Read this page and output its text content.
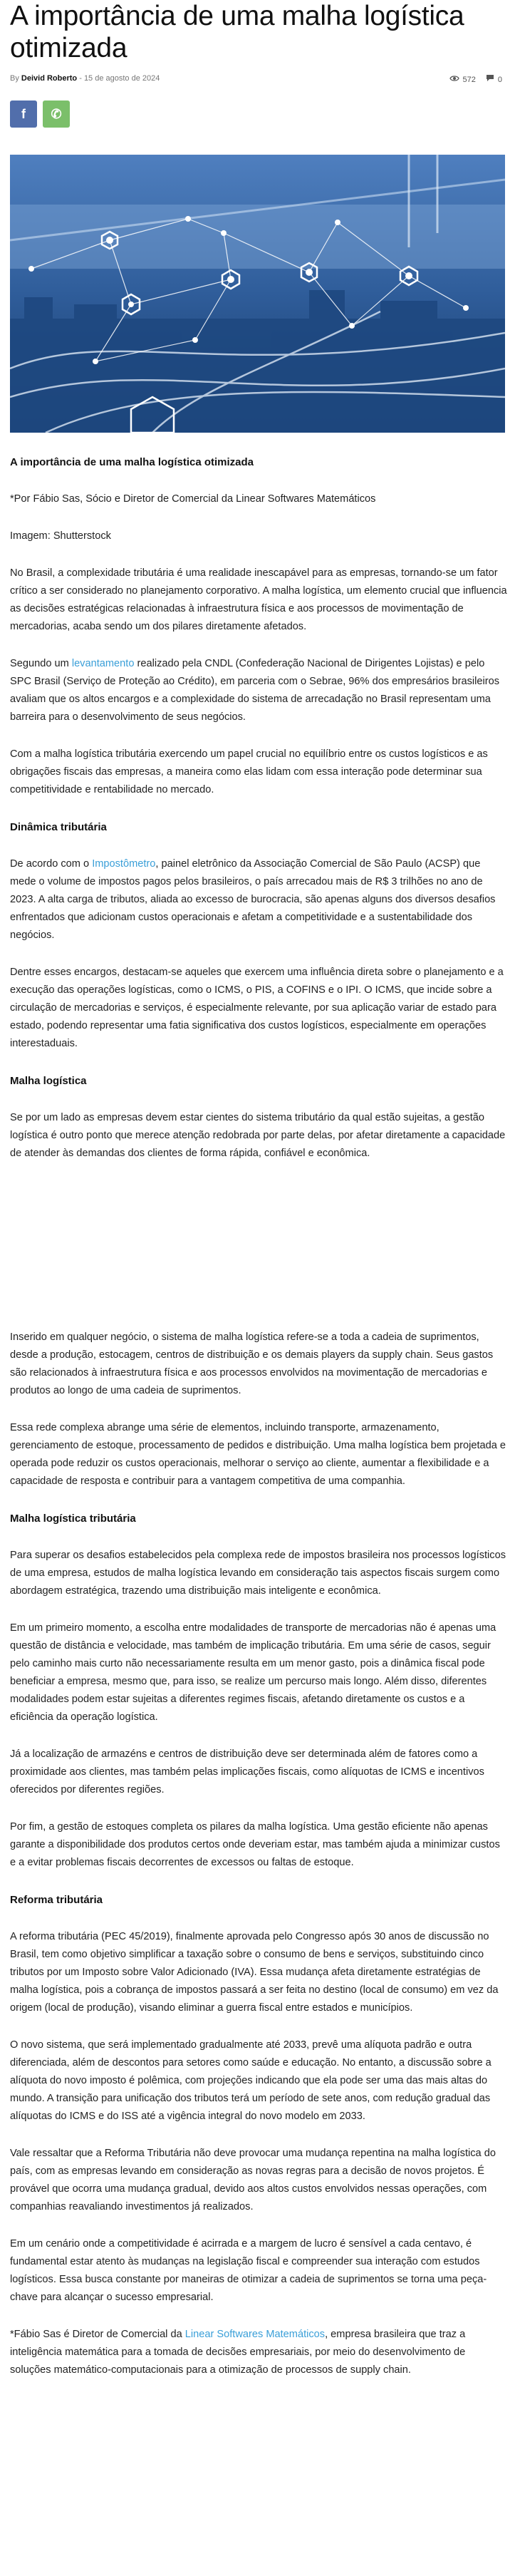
A importância de uma malha logística otimizada
By Deivid Roberto - 15 de agosto de 2024	572	0
f ✆
A importância de uma malha logística otimizada

*Por Fábio Sas, Sócio e Diretor de Comercial da Linear Softwares Matemáticos

Imagem: Shutterstock

No Brasil, a complexidade tributária é uma realidade inescapável para as empresas, tornando-se um fator crítico a ser considerado no planejamento corporativo. A malha logística, um elemento crucial que influencia as decisões estratégicas relacionadas à infraestrutura física e aos processos de movimentação de mercadorias, acaba sendo um dos pilares diretamente afetados.

Segundo um levantamento realizado pela CNDL (Confederação Nacional de Dirigentes Lojistas) e pelo SPC Brasil (Serviço de Proteção ao Crédito), em parceria com o Sebrae, 96% dos empresários brasileiros avaliam que os altos encargos e a complexidade do sistema de arrecadação no Brasil representam uma barreira para o desenvolvimento de seus negócios.

Com a malha logística tributária exercendo um papel crucial no equilíbrio entre os custos logísticos e as obrigações fiscais das empresas, a maneira como elas lidam com essa interação pode determinar sua competitividade e rentabilidade no mercado.

Dinâmica tributária

De acordo com o Impostômetro, painel eletrônico da Associação Comercial de São Paulo (ACSP) que mede o volume de impostos pagos pelos brasileiros, o país arrecadou mais de R$ 3 trilhões no ano de 2023. A alta carga de tributos, aliada ao excesso de burocracia, são apenas alguns dos diversos desafios enfrentados que adicionam custos operacionais e afetam a competitividade e a sustentabilidade dos negócios.

Dentre esses encargos, destacam-se aqueles que exercem uma influência direta sobre o planejamento e a execução das operações logísticas, como o ICMS, o PIS, a COFINS e o IPI. O ICMS, que incide sobre a circulação de mercadorias e serviços, é especialmente relevante, por sua aplicação variar de estado para estado, podendo representar uma fatia significativa dos custos logísticos, especialmente em operações interestaduais.

Malha logística

Se por um lado as empresas devem estar cientes do sistema tributário da qual estão sujeitas, a gestão logística é outro ponto que merece atenção redobrada por parte delas, por afetar diretamente a capacidade de atender às demandas dos clientes de forma rápida, confiável e econômica.

Inserido em qualquer negócio, o sistema de malha logística refere-se a toda a cadeia de suprimentos, desde a produção, estocagem, centros de distribuição e os demais players da supply chain. Seus gastos são relacionados à infraestrutura física e aos processos envolvidos na movimentação de mercadorias e produtos ao longo de uma cadeia de suprimentos.

Essa rede complexa abrange uma série de elementos, incluindo transporte, armazenamento, gerenciamento de estoque, processamento de pedidos e distribuição. Uma malha logística bem projetada e operada pode reduzir os custos operacionais, melhorar o serviço ao cliente, aumentar a flexibilidade e a capacidade de resposta e contribuir para a vantagem competitiva de uma companhia.

Malha logística tributária

Para superar os desafios estabelecidos pela complexa rede de impostos brasileira nos processos logísticos de uma empresa, estudos de malha logística levando em consideração tais aspectos fiscais surgem como abordagem estratégica, trazendo uma distribuição mais inteligente e econômica.

Em um primeiro momento, a escolha entre modalidades de transporte de mercadorias não é apenas uma questão de distância e velocidade, mas também de implicação tributária. Em uma série de casos, seguir pelo caminho mais curto não necessariamente resulta em um menor gasto, pois a dinâmica fiscal pode beneficiar a empresa, mesmo que, para isso, se realize um percurso mais longo. Além disso, diferentes modalidades podem estar sujeitas a diferentes regimes fiscais, afetando diretamente os custos e a eficiência da operação logística.

Já a localização de armazéns e centros de distribuição deve ser determinada além de fatores como a proximidade aos clientes, mas também pelas implicações fiscais, como alíquotas de ICMS e incentivos oferecidos por diferentes regiões.

Por fim, a gestão de estoques completa os pilares da malha logística. Uma gestão eficiente não apenas garante a disponibilidade dos produtos certos onde deveriam estar, mas também ajuda a minimizar custos e a evitar problemas fiscais decorrentes de excessos ou faltas de estoque.

Reforma tributária

A reforma tributária (PEC 45/2019), finalmente aprovada pelo Congresso após 30 anos de discussão no Brasil, tem como objetivo simplificar a taxação sobre o consumo de bens e serviços, substituindo cinco tributos por um Imposto sobre Valor Adicionado (IVA). Essa mudança afeta diretamente estratégias de malha logística, pois a cobrança de impostos passará a ser feita no destino (local de consumo) em vez da origem (local de produção), visando eliminar a guerra fiscal entre estados e municípios.

O novo sistema, que será implementado gradualmente até 2033, prevê uma alíquota padrão e outra diferenciada, além de descontos para setores como saúde e educação. No entanto, a discussão sobre a alíquota do novo imposto é polêmica, com projeções indicando que ela pode ser uma das mais altas do mundo. A transição para unificação dos tributos terá um período de sete anos, com redução gradual das alíquotas do ICMS e do ISS até a vigência integral do novo modelo em 2033.

Vale ressaltar que a Reforma Tributária não deve provocar uma mudança repentina na malha logística do país, com as empresas levando em consideração as novas regras para a decisão de novos projetos. É provável que ocorra uma mudança gradual, devido aos altos custos envolvidos nessas operações, com companhias reavaliando investimentos já realizados.

Em um cenário onde a competitividade é acirrada e a margem de lucro é sensível a cada centavo, é fundamental estar atento às mudanças na legislação fiscal e compreender sua interação com estudos logísticos. Essa busca constante por maneiras de otimizar a cadeia de suprimentos se torna uma peça-chave para alcançar o sucesso empresarial.

*Fábio Sas é Diretor de Comercial da Linear Softwares Matemáticos, empresa brasileira que traz a inteligência matemática para a tomada de decisões empresariais, por meio do desenvolvimento de soluções matemático-computacionais para a otimização de processos de supply chain.
